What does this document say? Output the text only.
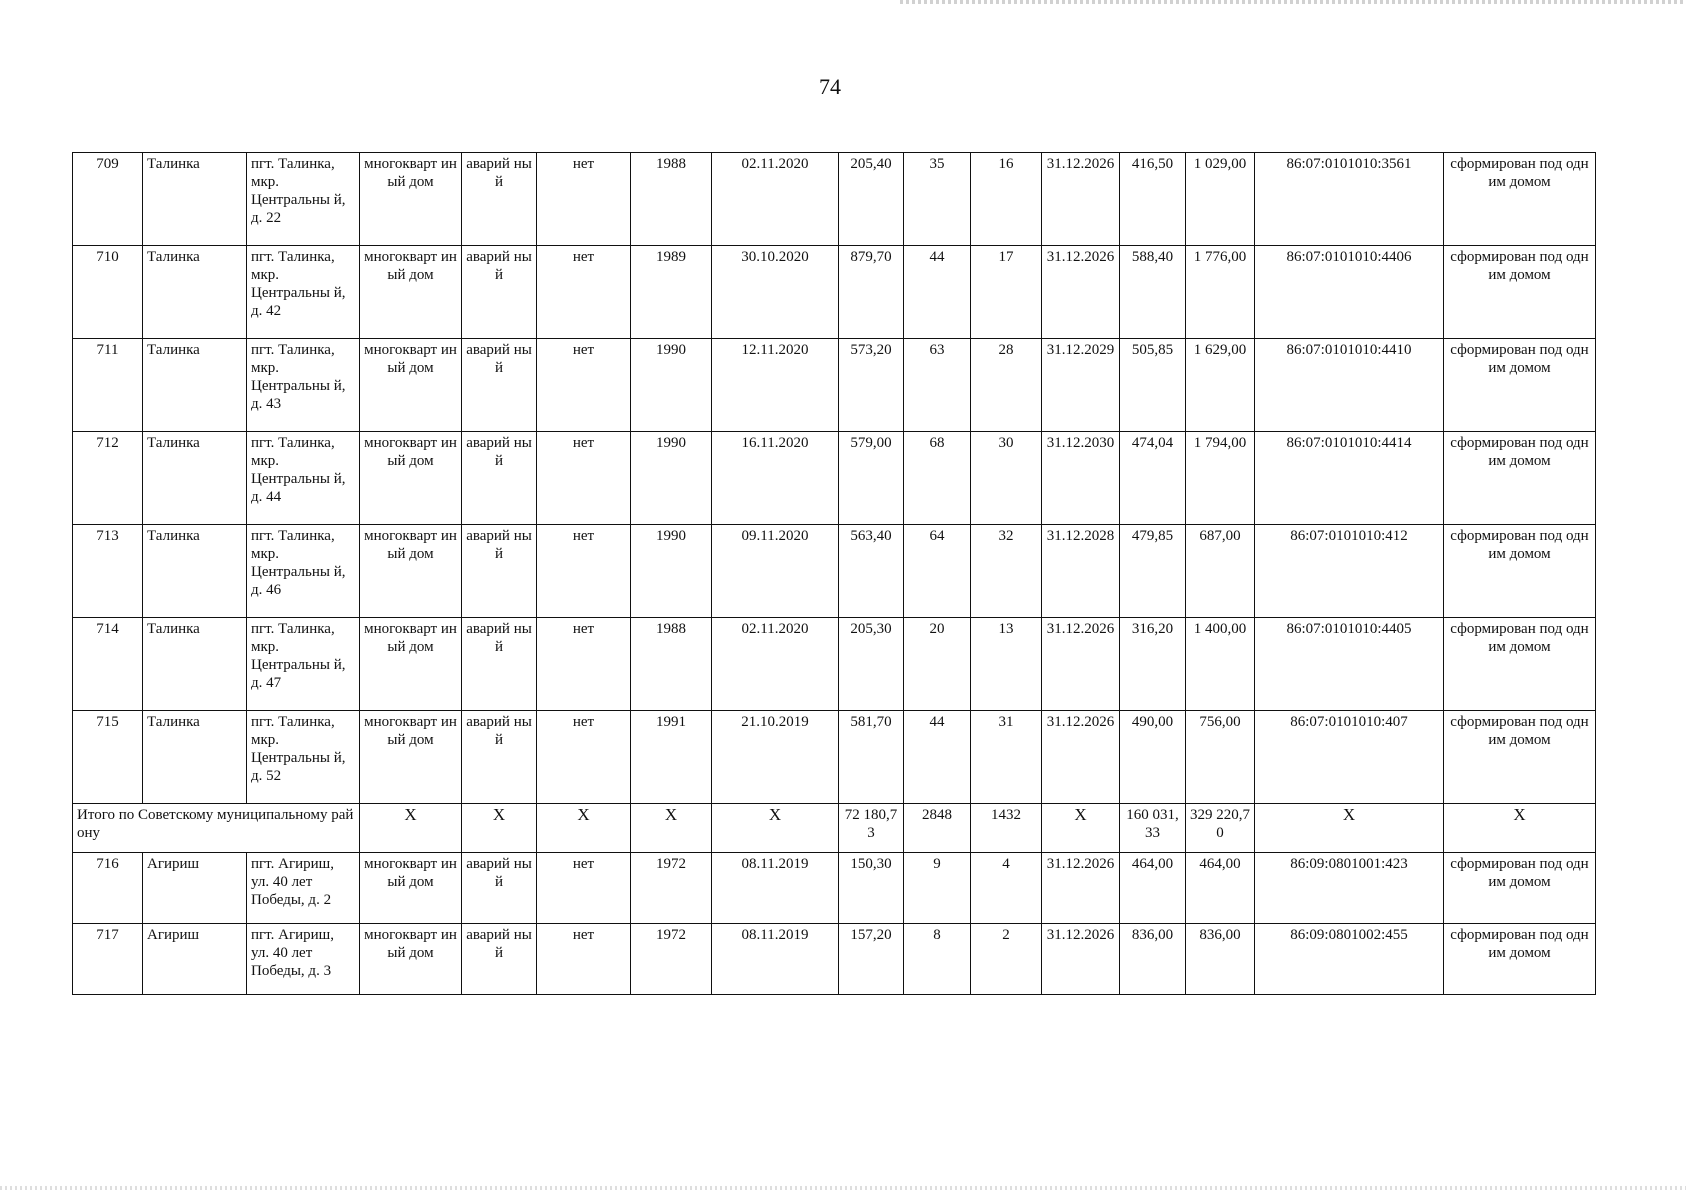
74
709	Талинка	пгт. Талинка, мкр. Центральны й, д. 22	многокварт иный дом	аварий ный	нет	1988	02.11.2020	205,40	35	16	31.12.2026	416,50	1 029,00	86:07:0101010:3561	сформирован под одним домом
710	Талинка	пгт. Талинка, мкр. Центральны й, д. 42	многокварт иный дом	аварий ный	нет	1989	30.10.2020	879,70	44	17	31.12.2026	588,40	1 776,00	86:07:0101010:4406	сформирован под одним домом
711	Талинка	пгт. Талинка, мкр. Центральны й, д. 43	многокварт иный дом	аварий ный	нет	1990	12.11.2020	573,20	63	28	31.12.2029	505,85	1 629,00	86:07:0101010:4410	сформирован под одним домом
712	Талинка	пгт. Талинка, мкр. Центральны й, д. 44	многокварт иный дом	аварий ный	нет	1990	16.11.2020	579,00	68	30	31.12.2030	474,04	1 794,00	86:07:0101010:4414	сформирован под одним домом
713	Талинка	пгт. Талинка, мкр. Центральны й, д. 46	многокварт иный дом	аварий ный	нет	1990	09.11.2020	563,40	64	32	31.12.2028	479,85	687,00	86:07:0101010:412	сформирован под одним домом
714	Талинка	пгт. Талинка, мкр. Центральны й, д. 47	многокварт иный дом	аварий ный	нет	1988	02.11.2020	205,30	20	13	31.12.2026	316,20	1 400,00	86:07:0101010:4405	сформирован под одним домом
715	Талинка	пгт. Талинка, мкр. Центральны й, д. 52	многокварт иный дом	аварий ный	нет	1991	21.10.2019	581,70	44	31	31.12.2026	490,00	756,00	86:07:0101010:407	сформирован под одним домом
Итого по Советскому муниципальному району			X	X	X	X	X	72 180,73	2848	1432	X	160 031,33	329 220,70	X	X
716	Агириш	пгт. Агириш, ул. 40 лет Победы, д. 2	многокварт иный дом	аварий ный	нет	1972	08.11.2019	150,30	9	4	31.12.2026	464,00	464,00	86:09:0801001:423	сформирован под одним домом
717	Агириш	пгт. Агириш, ул. 40 лет Победы, д. 3	многокварт иный дом	аварий ный	нет	1972	08.11.2019	157,20	8	2	31.12.2026	836,00	836,00	86:09:0801002:455	сформирован под одним домом
